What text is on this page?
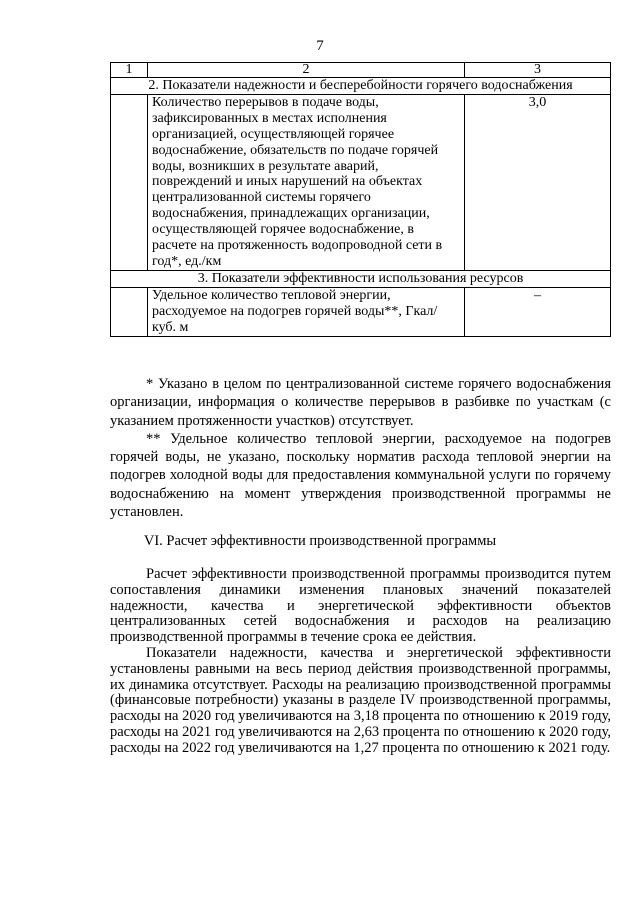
7
1	2	3
2. Показатели надежности и бесперебойности горячего водоснабжения		
	Количество перерывов в подаче воды, зафиксированных в местах исполнения организацией, осуществляющей горячее водоснабжение, обязательств по подаче горячей воды, возникших в результате аварий, повреждений и иных нарушений на объектах централизованной системы горячего водоснабжения, принадлежащих организации, осуществляющей горячее водоснабжение, в расчете на протяженность водопроводной сети в год*, ед./км	3,0
3. Показатели эффективности использования ресурсов		
	Удельное количество тепловой энергии, расходуемое на подогрев горячей воды**, Гкал/ куб. м	–

* Указано в целом по централизованной системе горячего водоснабжения организации, информация о количестве перерывов в разбивке по участкам (с указанием протяженности участков) отсутствует.

** Удельное количество тепловой энергии, расходуемое на подогрев горячей воды, не указано, поскольку норматив расхода тепловой энергии на подогрев холодной воды для предоставления коммунальной услуги по горячему водоснабжению на момент утверждения производственной программы не установлен.

VI. Расчет эффективности производственной программы

Расчет эффективности производственной программы производится путем сопоставления динамики изменения плановых значений показателей надежности, качества и энергетической эффективности объектов централизованных сетей водоснабжения и расходов на реализацию производственной программы в течение срока ее действия.

Показатели надежности, качества и энергетической эффективности установлены равными на весь период действия производственной программы, их динамика отсутствует. Расходы на реализацию производственной программы (финансовые потребности) указаны в разделе IV производственной программы, расходы на 2020 год увеличиваются на 3,18 процента по отношению к 2019 году, расходы на 2021 год увеличиваются на 2,63 процента по отношению к 2020 году, расходы на 2022 год увеличиваются на 1,27 процента по отношению к 2021 году.
